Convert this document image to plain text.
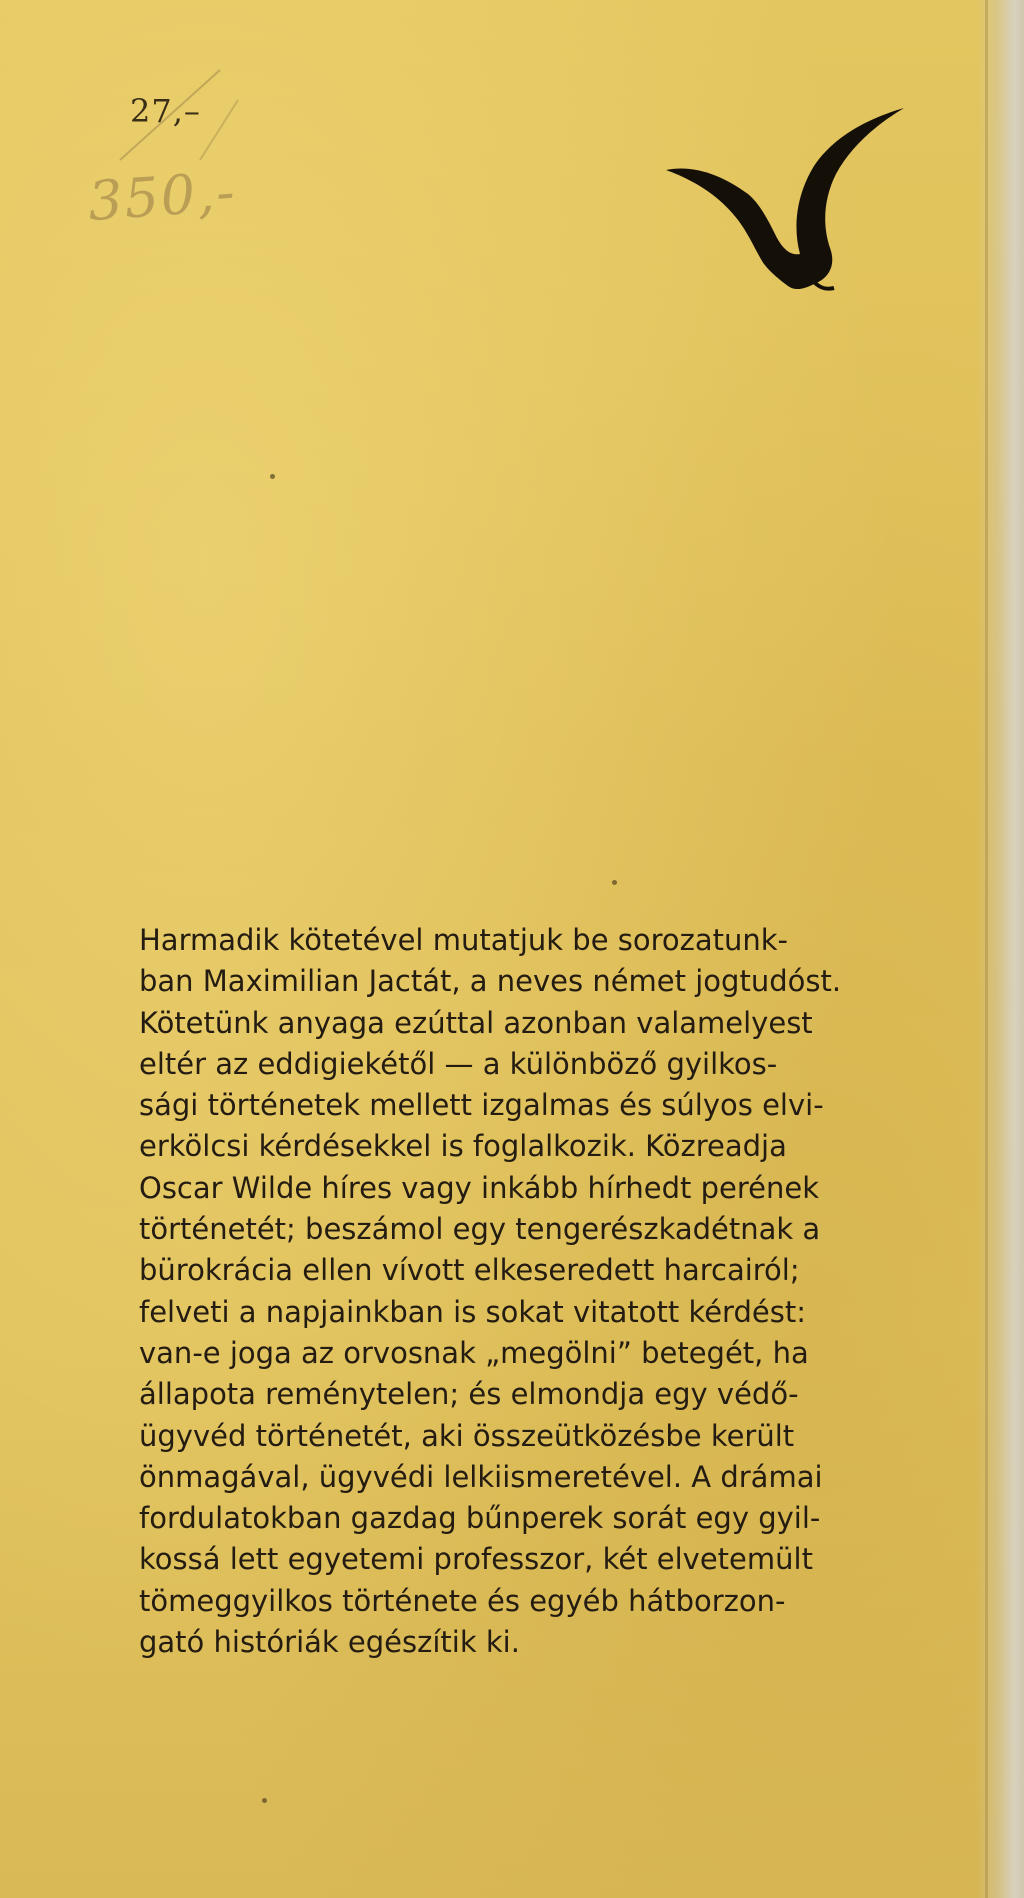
27,–
350,-
Harmadik kötetével mutatjuk be sorozatunk-
ban Maximilian Jactát, a neves német jogtudóst.
Kötetünk anyaga ezúttal azonban valamelyest
eltér az eddigiekétől — a különböző gyilkos-
sági történetek mellett izgalmas és súlyos elvi-
erkölcsi kérdésekkel is foglalkozik. Közreadja
Oscar Wilde híres vagy inkább hírhedt perének
történetét; beszámol egy tengerészkadétnak a
bürokrácia ellen vívott elkeseredett harcairól;
felveti a napjainkban is sokat vitatott kérdést:
van-e joga az orvosnak „megölni” betegét, ha
állapota reménytelen; és elmondja egy védő-
ügyvéd történetét, aki összeütközésbe került
önmagával, ügyvédi lelkiismeretével. A drámai
fordulatokban gazdag bűnperek sorát egy gyil-
kossá lett egyetemi professzor, két elvetemült
tömeggyilkos története és egyéb hátborzon-
gató históriák egészítik ki.
